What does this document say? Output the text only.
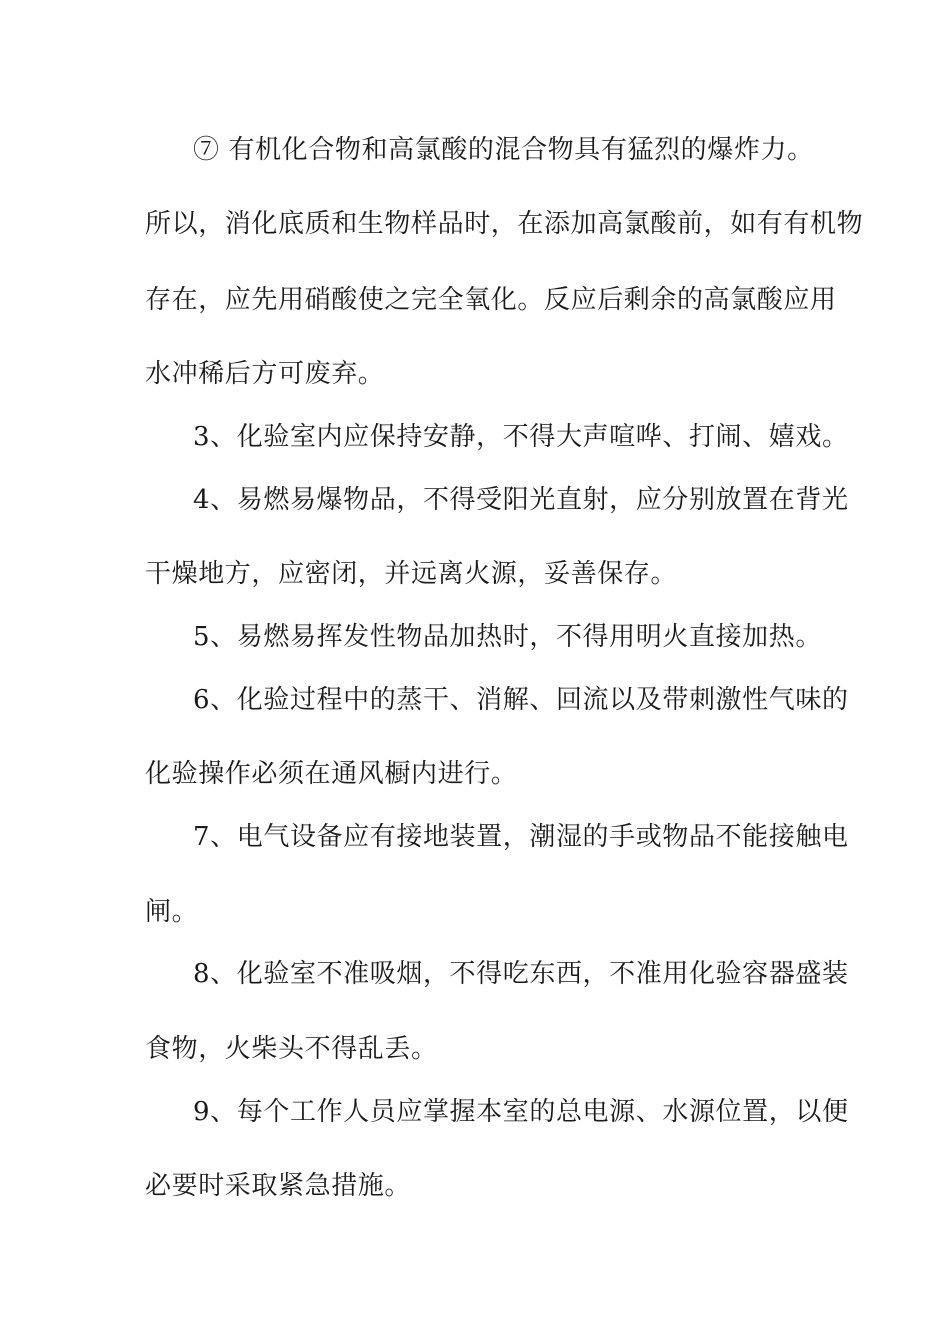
⑦ 有机化合物和高氯酸的混合物具有猛烈的爆炸力。
所以，消化底质和生物样品时，在添加高氯酸前，如有有机物
存在，应先用硝酸使之完全氧化。反应后剩余的高氯酸应用
水冲稀后方可废弃。
3、化验室内应保持安静，不得大声喧哗、打闹、嬉戏。
4、易燃易爆物品，不得受阳光直射，应分别放置在背光
干燥地方，应密闭，并远离火源，妥善保存。
5、易燃易挥发性物品加热时，不得用明火直接加热。
6、化验过程中的蒸干、消解、回流以及带刺激性气味的
化验操作必须在通风橱内进行。
7、电气设备应有接地装置，潮湿的手或物品不能接触电
闸。
8、化验室不准吸烟，不得吃东西，不准用化验容器盛装
食物，火柴头不得乱丢。
9、每个工作人员应掌握本室的总电源、水源位置，以便
必要时采取紧急措施。
